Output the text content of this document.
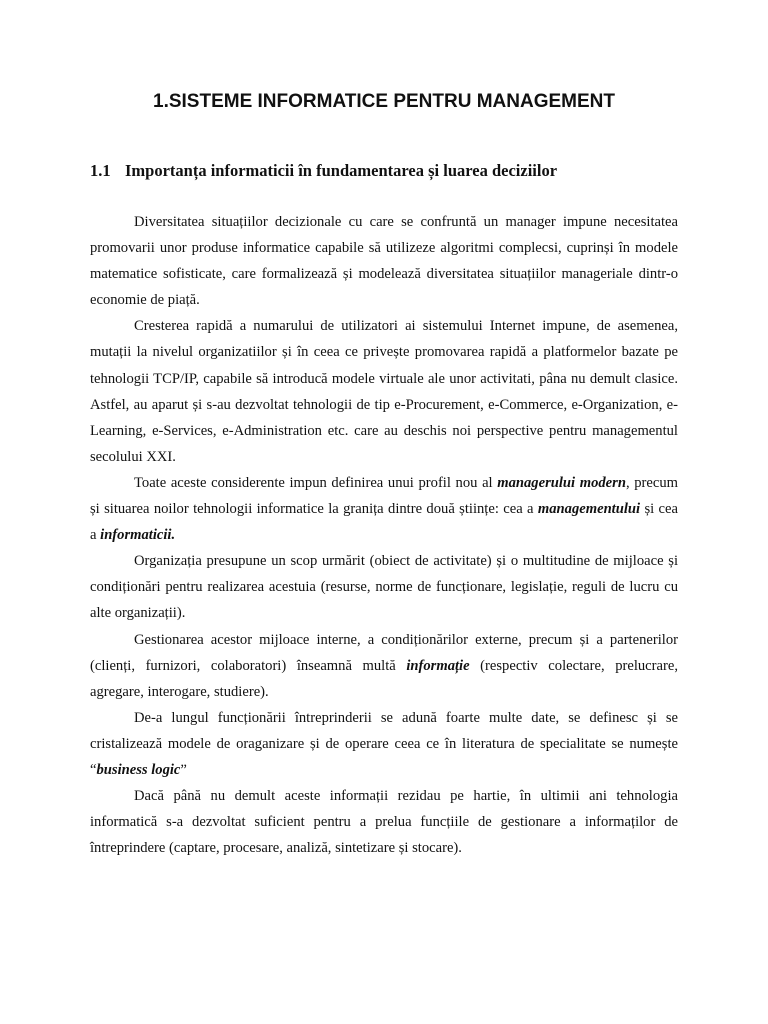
1.SISTEME INFORMATICE PENTRU MANAGEMENT
1.1 Importanța informaticii în fundamentarea și luarea deciziilor

Diversitatea situațiilor decizionale cu care se confruntă un manager impune necesitatea promovarii unor produse informatice capabile să utilizeze algoritmi complecsi, cuprinși în modele matematice sofisticate, care formalizează și modelează diversitatea situațiilor manageriale dintr-o economie de piață.

Cresterea rapidă a numarului de utilizatori ai sistemului Internet impune, de asemenea, mutații la nivelul organizatiilor și în ceea ce privește promovarea rapidă a platformelor bazate pe tehnologii TCP/IP, capabile să introducă modele virtuale ale unor activitati, pâna nu demult clasice. Astfel, au aparut și s-au dezvoltat tehnologii de tip e-Procurement, e-Commerce, e-Organization, e-Learning, e-Services, e-Administration etc. care au deschis noi perspective pentru managementul secolului XXI.

Toate aceste considerente impun definirea unui profil nou al managerului modern, precum și situarea noilor tehnologii informatice la granița dintre două științe: cea a managementului și cea a informaticii.

Organizația presupune un scop urmărit (obiect de activitate) și o multitudine de mijloace și condiționări pentru realizarea acestuia (resurse, norme de funcționare, legislație, reguli de lucru cu alte organizații).

Gestionarea acestor mijloace interne, a condiționărilor externe, precum și a partenerilor (clienți, furnizori, colaboratori) înseamnă multă informație (respectiv colectare, prelucrare, agregare, interogare, studiere).

De-a lungul funcționării întreprinderii se adună foarte multe date, se definesc și se cristalizează modele de oraganizare și de operare ceea ce în literatura de specialitate se numește “business logic”

Dacă până nu demult aceste informații rezidau pe hartie, în ultimii ani tehnologia informatică s-a dezvoltat suficient pentru a prelua funcțiile de gestionare a informaților de întreprindere (captare, procesare, analiză, sintetizare și stocare).
